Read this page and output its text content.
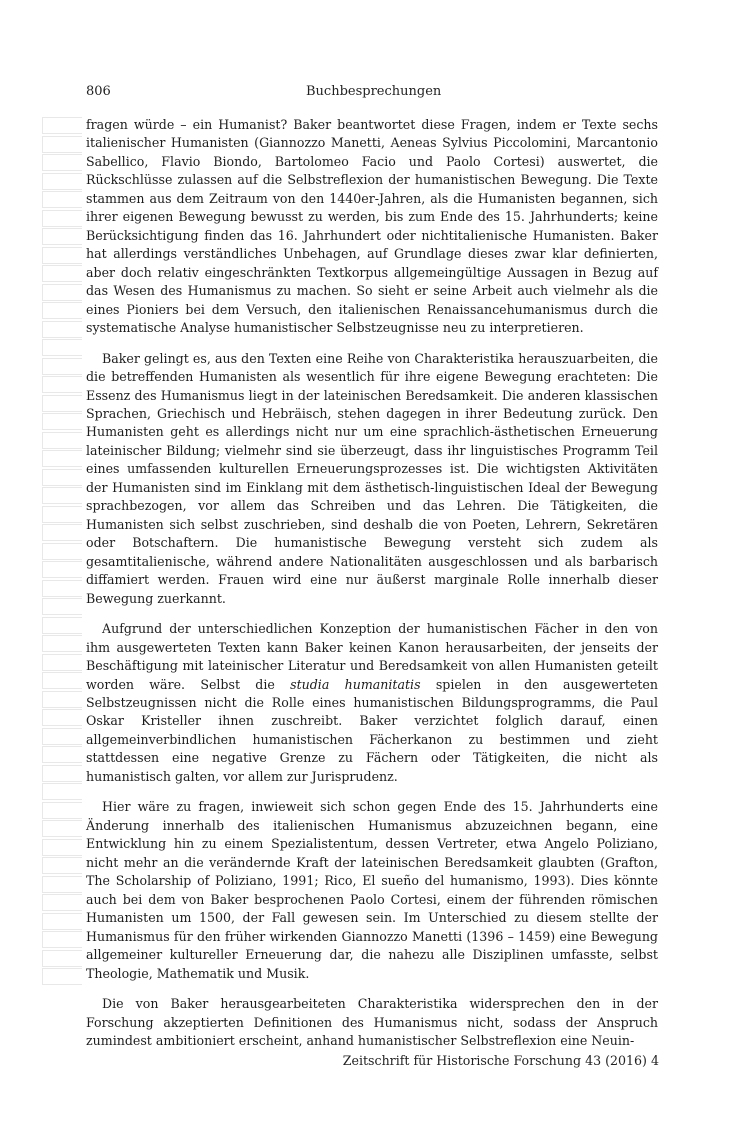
806	Buchbesprechungen

fragen würde – ein Humanist? Baker beantwortet diese Fragen, indem er Texte sechs italienischer Humanisten (Giannozzo Manetti, Aeneas Sylvius Piccolomini, Marcantonio Sabellico, Flavio Biondo, Bartolomeo Facio und Paolo Cortesi) auswertet, die Rückschlüsse zulassen auf die Selbstreflexion der humanistischen Bewegung. Die Texte stammen aus dem Zeitraum von den 1440er-Jahren, als die Humanisten begannen, sich ihrer eigenen Bewegung bewusst zu werden, bis zum Ende des 15. Jahrhunderts; keine Berücksichtigung finden das 16. Jahrhundert oder nichtitalienische Humanisten. Baker hat allerdings verständliches Unbehagen, auf Grundlage dieses zwar klar definierten, aber doch relativ eingeschränkten Textkorpus allgemeingültige Aussagen in Bezug auf das Wesen des Humanismus zu machen. So sieht er seine Arbeit auch vielmehr als die eines Pioniers bei dem Versuch, den italienischen Renaissancehumanismus durch die systematische Analyse humanistischer Selbstzeugnisse neu zu interpretieren.

Baker gelingt es, aus den Texten eine Reihe von Charakteristika herauszuarbeiten, die die betreffenden Humanisten als wesentlich für ihre eigene Bewegung erachteten: Die Essenz des Humanismus liegt in der lateinischen Beredsamkeit. Die anderen klassischen Sprachen, Griechisch und Hebräisch, stehen dagegen in ihrer Bedeutung zurück. Den Humanisten geht es allerdings nicht nur um eine sprachlich-ästhetischen Erneuerung lateinischer Bildung; vielmehr sind sie überzeugt, dass ihr linguistisches Programm Teil eines umfassenden kulturellen Erneuerungsprozesses ist. Die wichtigsten Aktivitäten der Humanisten sind im Einklang mit dem ästhetisch-linguistischen Ideal der Bewegung sprachbezogen, vor allem das Schreiben und das Lehren. Die Tätigkeiten, die Humanisten sich selbst zuschrieben, sind deshalb die von Poeten, Lehrern, Sekretären oder Botschaftern. Die humanistische Bewegung versteht sich zudem als gesamtitalienische, während andere Nationalitäten ausgeschlossen und als barbarisch diffamiert werden. Frauen wird eine nur äußerst marginale Rolle innerhalb dieser Bewegung zuerkannt.

Aufgrund der unterschiedlichen Konzeption der humanistischen Fächer in den von ihm ausgewerteten Texten kann Baker keinen Kanon herausarbeiten, der jenseits der Beschäftigung mit lateinischer Literatur und Beredsamkeit von allen Humanisten geteilt worden wäre. Selbst die studia humanitatis spielen in den ausgewerteten Selbstzeugnissen nicht die Rolle eines humanistischen Bildungsprogramms, die Paul Oskar Kristeller ihnen zuschreibt. Baker verzichtet folglich darauf, einen allgemeinverbindlichen humanistischen Fächerkanon zu bestimmen und zieht stattdessen eine negative Grenze zu Fächern oder Tätigkeiten, die nicht als humanistisch galten, vor allem zur Jurisprudenz.

Hier wäre zu fragen, inwieweit sich schon gegen Ende des 15. Jahrhunderts eine Änderung innerhalb des italienischen Humanismus abzuzeichnen begann, eine Entwicklung hin zu einem Spezialistentum, dessen Vertreter, etwa Angelo Poliziano, nicht mehr an die verändernde Kraft der lateinischen Beredsamkeit glaubten (Grafton, The Scholarship of Poliziano, 1991; Rico, El sueño del humanismo, 1993). Dies könnte auch bei dem von Baker besprochenen Paolo Cortesi, einem der führenden römischen Humanisten um 1500, der Fall gewesen sein. Im Unterschied zu diesem stellte der Humanismus für den früher wirkenden Giannozzo Manetti (1396 – 1459) eine Bewegung allgemeiner kultureller Erneuerung dar, die nahezu alle Disziplinen umfasste, selbst Theologie, Mathematik und Musik.

Die von Baker herausgearbeiteten Charakteristika widersprechen den in der Forschung akzeptierten Definitionen des Humanismus nicht, sodass der Anspruch zumindest ambitioniert erscheint, anhand humanistischer Selbstreflexion eine Neuin-

Zeitschrift für Historische Forschung 43 (2016) 4
